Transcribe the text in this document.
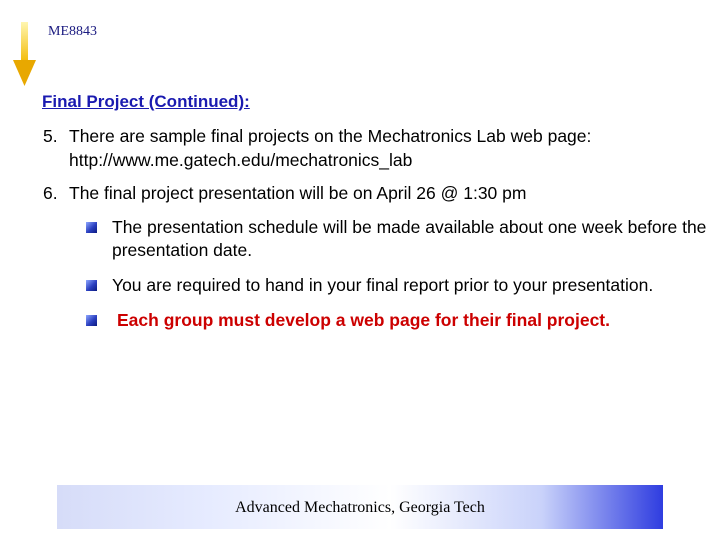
ME8843
Final Project (Continued):
5. There are sample final projects on the Mechatronics Lab web page:
http://www.me.gatech.edu/mechatronics_lab
6. The final project presentation will be on April 26 @ 1:30 pm
The presentation schedule will be made available about one week before the presentation date.
You are required to hand in your final report prior to your presentation.
Each group must develop a web page for their final project.
Advanced Mechatronics, Georgia Tech
